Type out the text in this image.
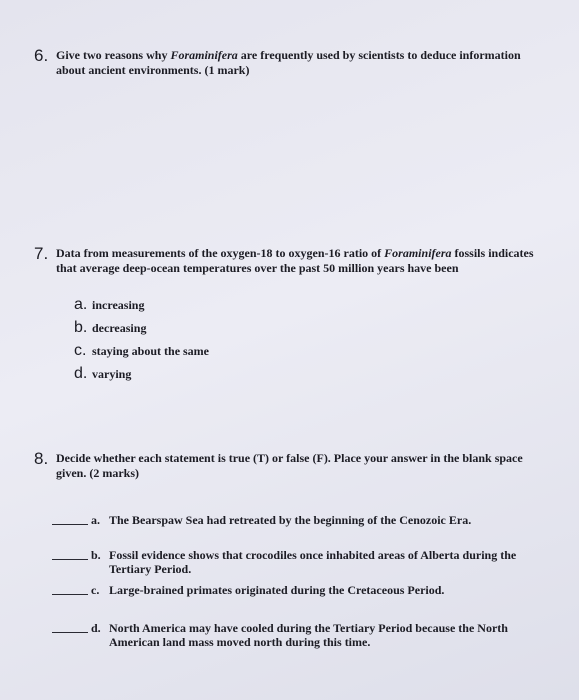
6. Give two reasons why Foraminifera are frequently used by scientists to deduce information about ancient environments. (1 mark)
7. Data from measurements of the oxygen-18 to oxygen-16 ratio of Foraminifera fossils indicates that average deep-ocean temperatures over the past 50 million years have been
a. increasing
b. decreasing
c. staying about the same
d. varying
8. Decide whether each statement is true (T) or false (F). Place your answer in the blank space given. (2 marks)
a. The Bearspaw Sea had retreated by the beginning of the Cenozoic Era.
b. Fossil evidence shows that crocodiles once inhabited areas of Alberta during the Tertiary Period.
c. Large-brained primates originated during the Cretaceous Period.
d. North America may have cooled during the Tertiary Period because the North American land mass moved north during this time.
